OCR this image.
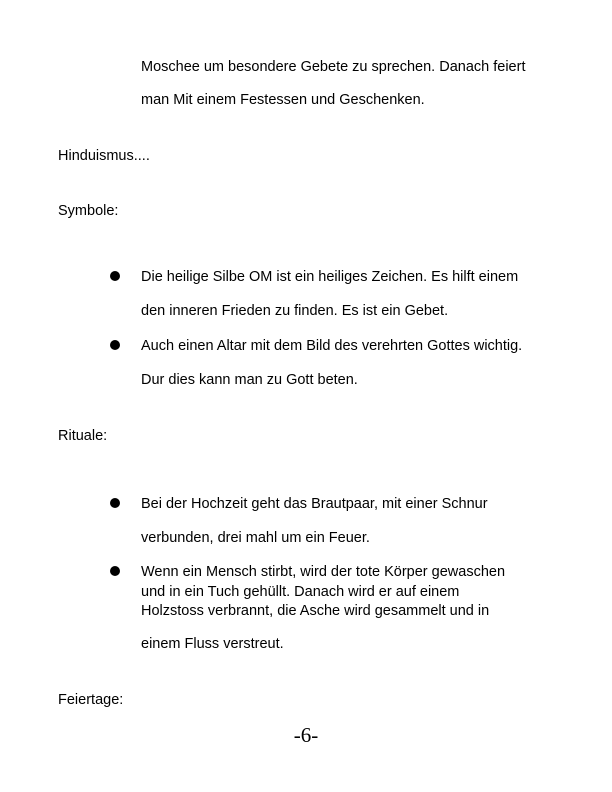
Moschee um besondere Gebete zu sprechen. Danach feiert
man Mit einem Festessen und Geschenken.
Hinduismus....
Symbole:
Die heilige Silbe OM ist ein heiliges Zeichen. Es hilft einem
den inneren Frieden zu finden. Es ist ein Gebet.
Auch einen Altar mit dem Bild des verehrten Gottes wichtig.
Dur dies kann man zu Gott beten.
Rituale:
Bei der Hochzeit geht das Brautpaar, mit einer Schnur
verbunden, drei mahl um ein Feuer.
Wenn ein Mensch stirbt, wird der tote Körper gewaschen
und in ein Tuch gehüllt. Danach wird er auf einem
Holzstoss verbrannt, die Asche wird gesammelt und in
einem Fluss verstreut.
Feiertage:
-6-
